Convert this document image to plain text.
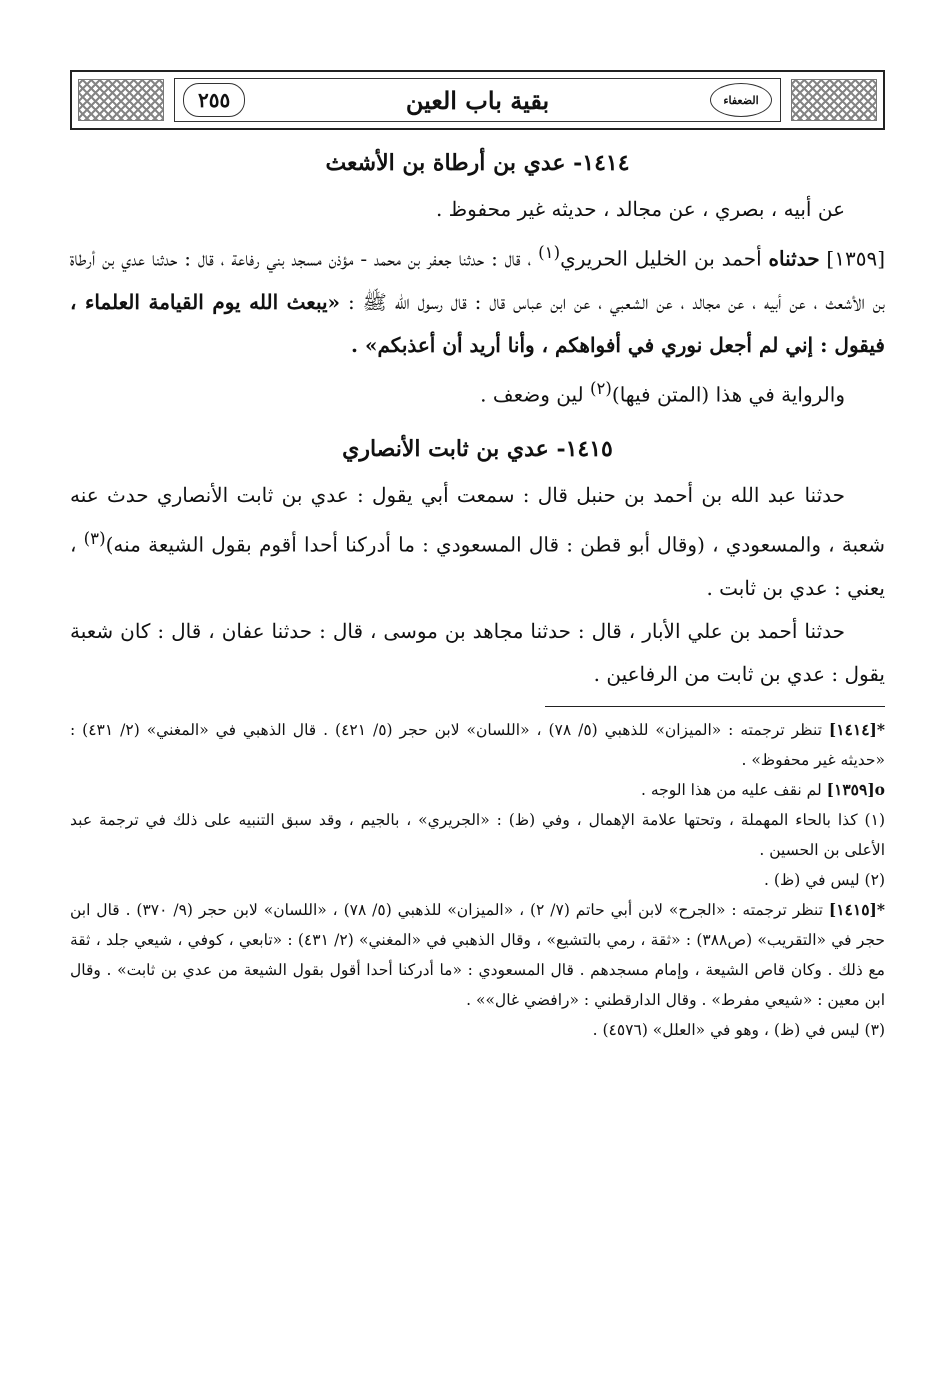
الضعفاء
بقية باب العين
٢٥٥
١٤١٤- عدي بن أرطاة بن الأشعث

عن أبيه ، بصري ، عن مجالد ، حديثه غير محفوظ .

[١٣٥٩] حدثناه أحمد بن الخليل الحريري$^{(١)}$ ، قال : حدثنا جعفر بن محمد - مؤذن مسجد بني رفاعة ، قال : حدثنا عدي بن أرطاة بن الأشعث ، عن أبيه ، عن مجالد ، عن الشعبي ، عن ابن عباس قال : قال رسول الله ﷺ : «يبعث الله يوم القيامة العلماء ، فيقول : إني لم أجعل نوري في أفواهكم ، وأنا أريد أن أعذبكم» .

والرواية في هذا (المتن فيها)$^{(٢)}$ لين وضعف .

١٤١٥- عدي بن ثابت الأنصاري

حدثنا عبد الله بن أحمد بن حنبل قال : سمعت أبي يقول : عدي بن ثابت الأنصاري حدث عنه شعبة ، والمسعودي ، (وقال أبو قطن : قال المسعودي : ما أدركنا أحدا أقوم بقول الشيعة منه)$^{(٣)}$ ، يعني : عدي بن ثابت .

حدثنا أحمد بن علي الأبار ، قال : حدثنا مجاهد بن موسى ، قال : حدثنا عفان ، قال : كان شعبة يقول : عدي بن ثابت من الرفاعين .

*[١٤١٤] تنظر ترجمته : «الميزان» للذهبي (٥/ ٧٨) ، «اللسان» لابن حجر (٥/ ٤٢١) . قال الذهبي في «المغني» (٢/ ٤٣١) : «حديثه غير محفوظ» .
o[١٣٥٩] لم نقف عليه من هذا الوجه .
(١) كذا بالحاء المهملة ، وتحتها علامة الإهمال ، وفي (ظ) : «الجريري» ، بالجيم ، وقد سبق التنبيه على ذلك في ترجمة عبد الأعلى بن الحسين .
(٢) ليس في (ظ) .
*[١٤١٥] تنظر ترجمته : «الجرح» لابن أبي حاتم (٧/ ٢) ، «الميزان» للذهبي (٥/ ٧٨) ، «اللسان» لابن حجر (٩/ ٣٧٠) . قال ابن حجر في «التقريب» (ص٣٨٨) : «ثقة ، رمي بالتشيع» ، وقال الذهبي في «المغني» (٢/ ٤٣١) : «تابعي ، كوفي ، شيعي جلد ، ثقة مع ذلك . وكان قاص الشيعة ، وإمام مسجدهم . قال المسعودي : «ما أدركنا أحدا أقول بقول الشيعة من عدي بن ثابت» . وقال ابن معين : «شيعي مفرط» . وقال الدارقطني : «رافضي غال»» .
(٣) ليس في (ظ) ، وهو في «العلل» (٤٥٧٦) .
